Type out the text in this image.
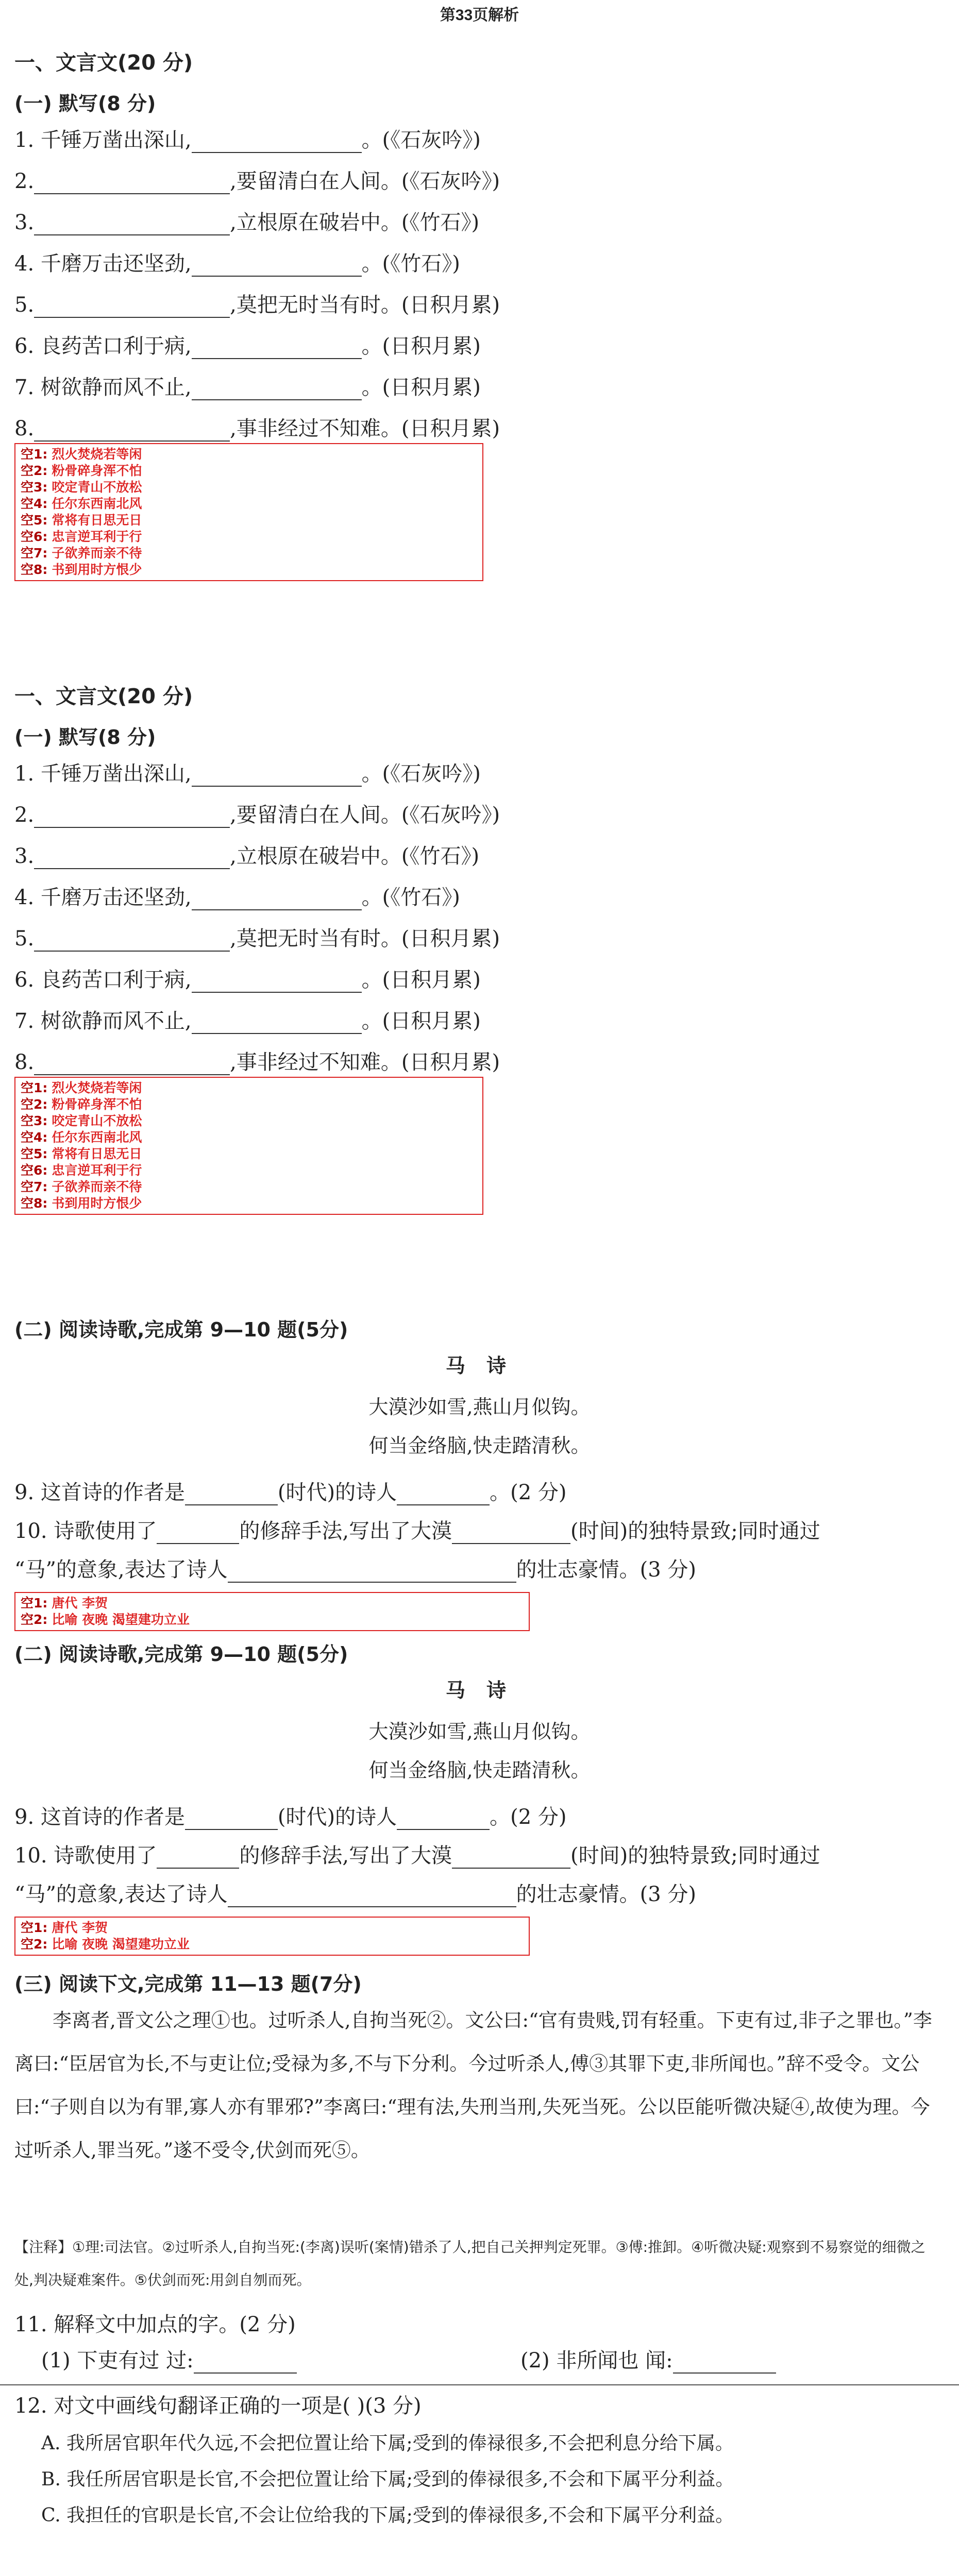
第33页解析
一、文言文(20 分)
(一) 默写(8 分)
1. 千锤万凿出深山,	。(《石灰吟》)
2.	,要留清白在人间。(《石灰吟》)
3.	,立根原在破岩中。(《竹石》)
4. 千磨万击还坚劲,	。(《竹石》)
5.	,莫把无时当有时。(日积月累)
6. 良药苦口利于病,	。(日积月累)
7. 树欲静而风不止,	。(日积月累)
8.	,事非经过不知难。(日积月累)
空1: 烈火焚烧若等闲
空2: 粉骨碎身浑不怕
空3: 咬定青山不放松
空4: 任尔东西南北风
空5: 常将有日思无日
空6: 忠言逆耳利于行
空7: 子欲养而亲不待
空8: 书到用时方恨少
一、文言文(20 分)
(一) 默写(8 分)
1. 千锤万凿出深山,	。(《石灰吟》)
2.	,要留清白在人间。(《石灰吟》)
3.	,立根原在破岩中。(《竹石》)
4. 千磨万击还坚劲,	。(《竹石》)
5.	,莫把无时当有时。(日积月累)
6. 良药苦口利于病,	。(日积月累)
7. 树欲静而风不止,	。(日积月累)
8.	,事非经过不知难。(日积月累)
空1: 烈火焚烧若等闲
空2: 粉骨碎身浑不怕
空3: 咬定青山不放松
空4: 任尔东西南北风
空5: 常将有日思无日
空6: 忠言逆耳利于行
空7: 子欲养而亲不待
空8: 书到用时方恨少
(二) 阅读诗歌,完成第 9—10 题(5分)
马 诗
大漠沙如雪,燕山月似钩。
何当金络脑,快走踏清秋。
9. 这首诗的作者是	(时代)的诗人	。(2 分)
10. 诗歌使用了	的修辞手法,写出了大漠	(时间)的独特景致;同时通过
“马”的意象,表达了诗人	的壮志豪情。(3 分)
空1: 唐代 李贺
空2: 比喻 夜晚 渴望建功立业
(二) 阅读诗歌,完成第 9—10 题(5分)
马 诗
大漠沙如雪,燕山月似钩。
何当金络脑,快走踏清秋。
9. 这首诗的作者是	(时代)的诗人	。(2 分)
10. 诗歌使用了	的修辞手法,写出了大漠	(时间)的独特景致;同时通过
“马”的意象,表达了诗人	的壮志豪情。(3 分)
空1: 唐代 李贺
空2: 比喻 夜晚 渴望建功立业
(三) 阅读下文,完成第 11—13 题(7分)
李离者,晋文公之理①也。过听杀人,自拘当死②。文公曰:“官有贵贱,罚有轻重。下吏有过,非子之罪也。”李离曰:“臣居官为长,不与吏让位;受禄为多,不与下分利。今过听杀人,傅③其罪下吏,非所闻也。”辞不受令。文公曰:“子则自以为有罪,寡人亦有罪邪?”李离曰:“理有法,失刑当刑,失死当死。公以臣能听微决疑④,故使为理。今过听杀人,罪当死。”遂不受令,伏剑而死⑤。
【注释】①理:司法官。②过听杀人,自拘当死:(李离)误听(案情)错杀了人,把自己关押判定死罪。③傅:推卸。④听微决疑:观察到不易察觉的细微之处,判决疑难案件。⑤伏剑而死:用剑自刎而死。
11. 解释文中加点的字。(2 分)
(1) 下吏有过 过:	(2) 非所闻也 闻:
12. 对文中画线句翻译正确的一项是( )(3 分)
A. 我所居官职年代久远,不会把位置让给下属;受到的俸禄很多,不会把利息分给下属。
B. 我任所居官职是长官,不会把位置让给下属;受到的俸禄很多,不会和下属平分利益。
C. 我担任的官职是长官,不会让位给我的下属;受到的俸禄很多,不会和下属平分利益。
